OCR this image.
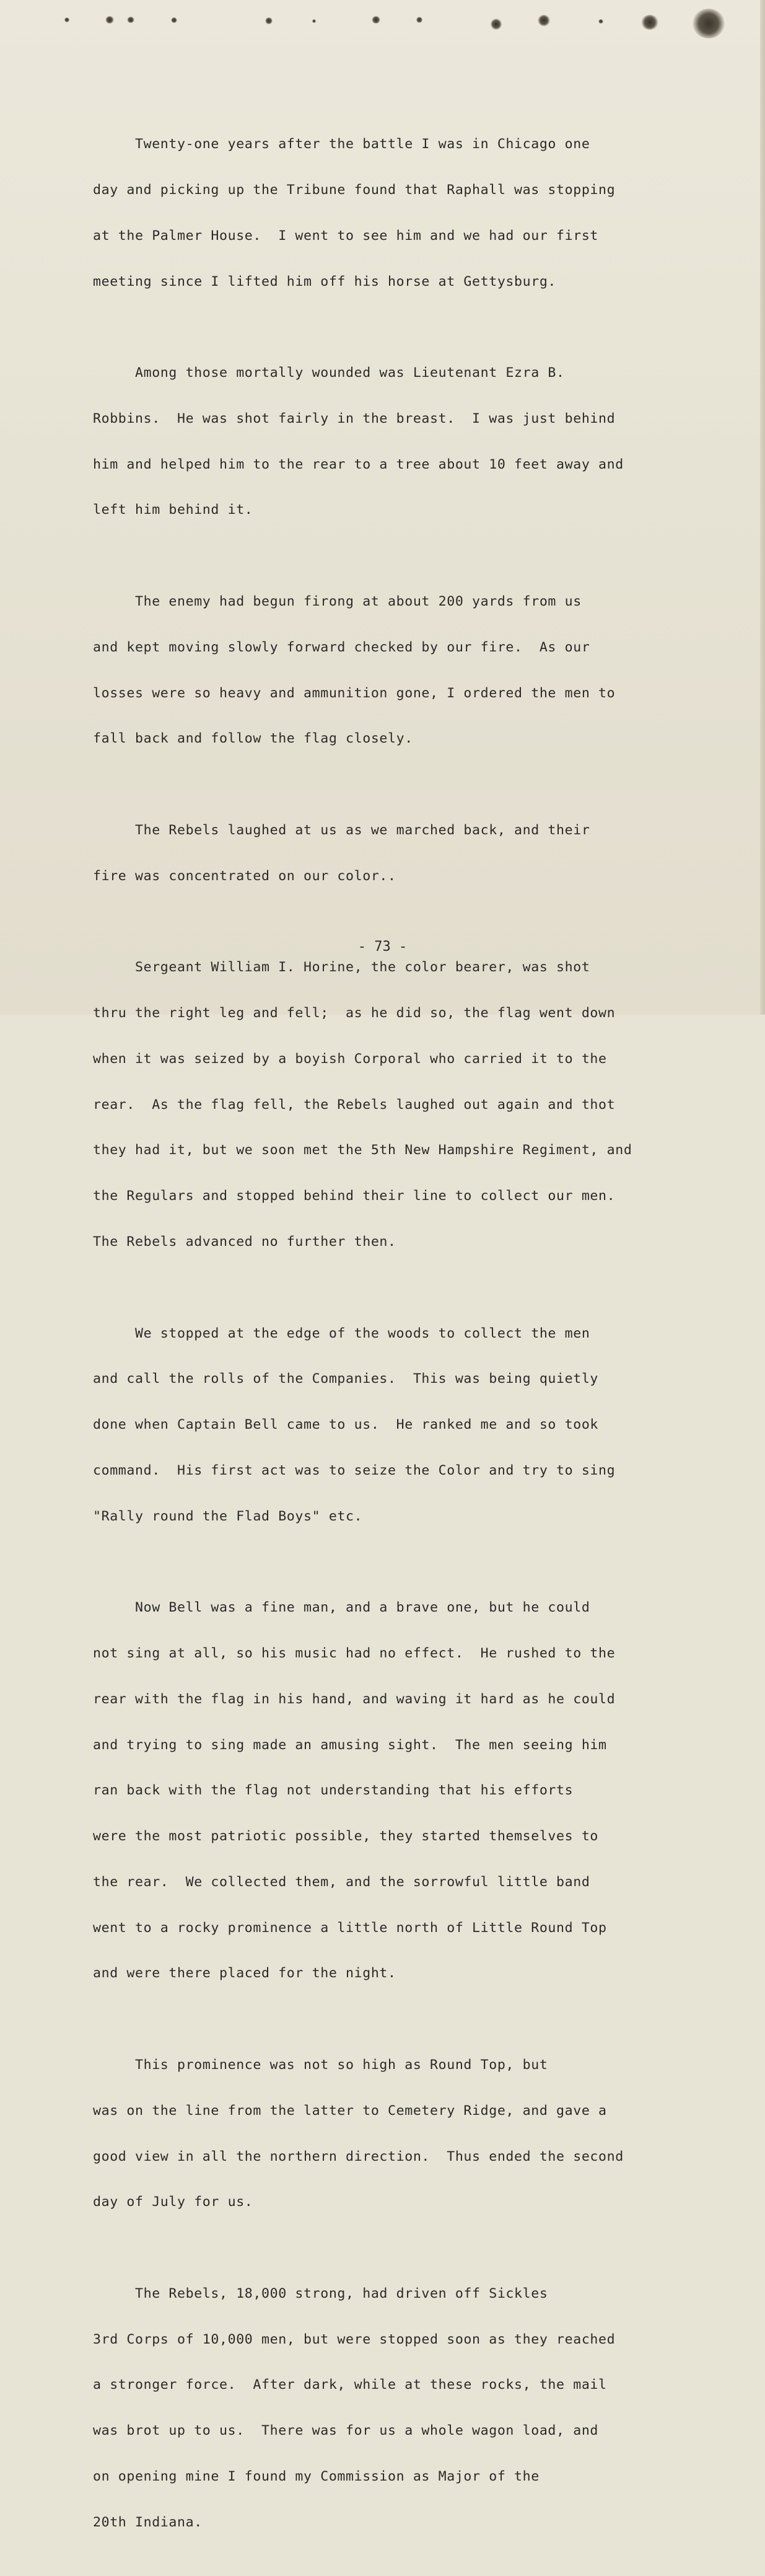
Twenty-one years after the battle I was in Chicago one

day and picking up the Tribune found that Raphall was stopping

at the Palmer House.  I went to see him and we had our first

meeting since I lifted him off his horse at Gettysburg.

Among those mortally wounded was Lieutenant Ezra B.

Robbins.  He was shot fairly in the breast.  I was just behind

him and helped him to the rear to a tree about 10 feet away and

left him behind it.

The enemy had begun firong at about 200 yards from us

and kept moving slowly forward checked by our fire.  As our

losses were so heavy and ammunition gone, I ordered the men to

fall back and follow the flag closely.

The Rebels laughed at us as we marched back, and their

fire was concentrated on our color..

Sergeant William I. Horine, the color bearer, was shot

thru the right leg and fell;  as he did so, the flag went down

when it was seized by a boyish Corporal who carried it to the

rear.  As the flag fell, the Rebels laughed out again and thot

they had it, but we soon met the 5th New Hampshire Regiment, and

the Regulars and stopped behind their line to collect our men.

The Rebels advanced no further then.

We stopped at the edge of the woods to collect the men

and call the rolls of the Companies.  This was being quietly

done when Captain Bell came to us.  He ranked me and so took

command.  His first act was to seize the Color and try to sing

"Rally round the Flad Boys" etc.

Now Bell was a fine man, and a brave one, but he could

not sing at all, so his music had no effect.  He rushed to the

rear with the flag in his hand, and waving it hard as he could

and trying to sing made an amusing sight.  The men seeing him

ran back with the flag not understanding that his efforts

were the most patriotic possible, they started themselves to

the rear.  We collected them, and the sorrowful little band

went to a rocky prominence a little north of Little Round Top

and were there placed for the night.

This prominence was not so high as Round Top, but

was on the line from the latter to Cemetery Ridge, and gave a

good view in all the northern direction.  Thus ended the second

day of July for us.

The Rebels, 18,000 strong, had driven off Sickles

3rd Corps of 10,000 men, but were stopped soon as they reached

a stronger force.  After dark, while at these rocks, the mail

was brot up to us.  There was for us a whole wagon load, and

on opening mine I found my Commission as Major of the

20th Indiana.

- 73 -
